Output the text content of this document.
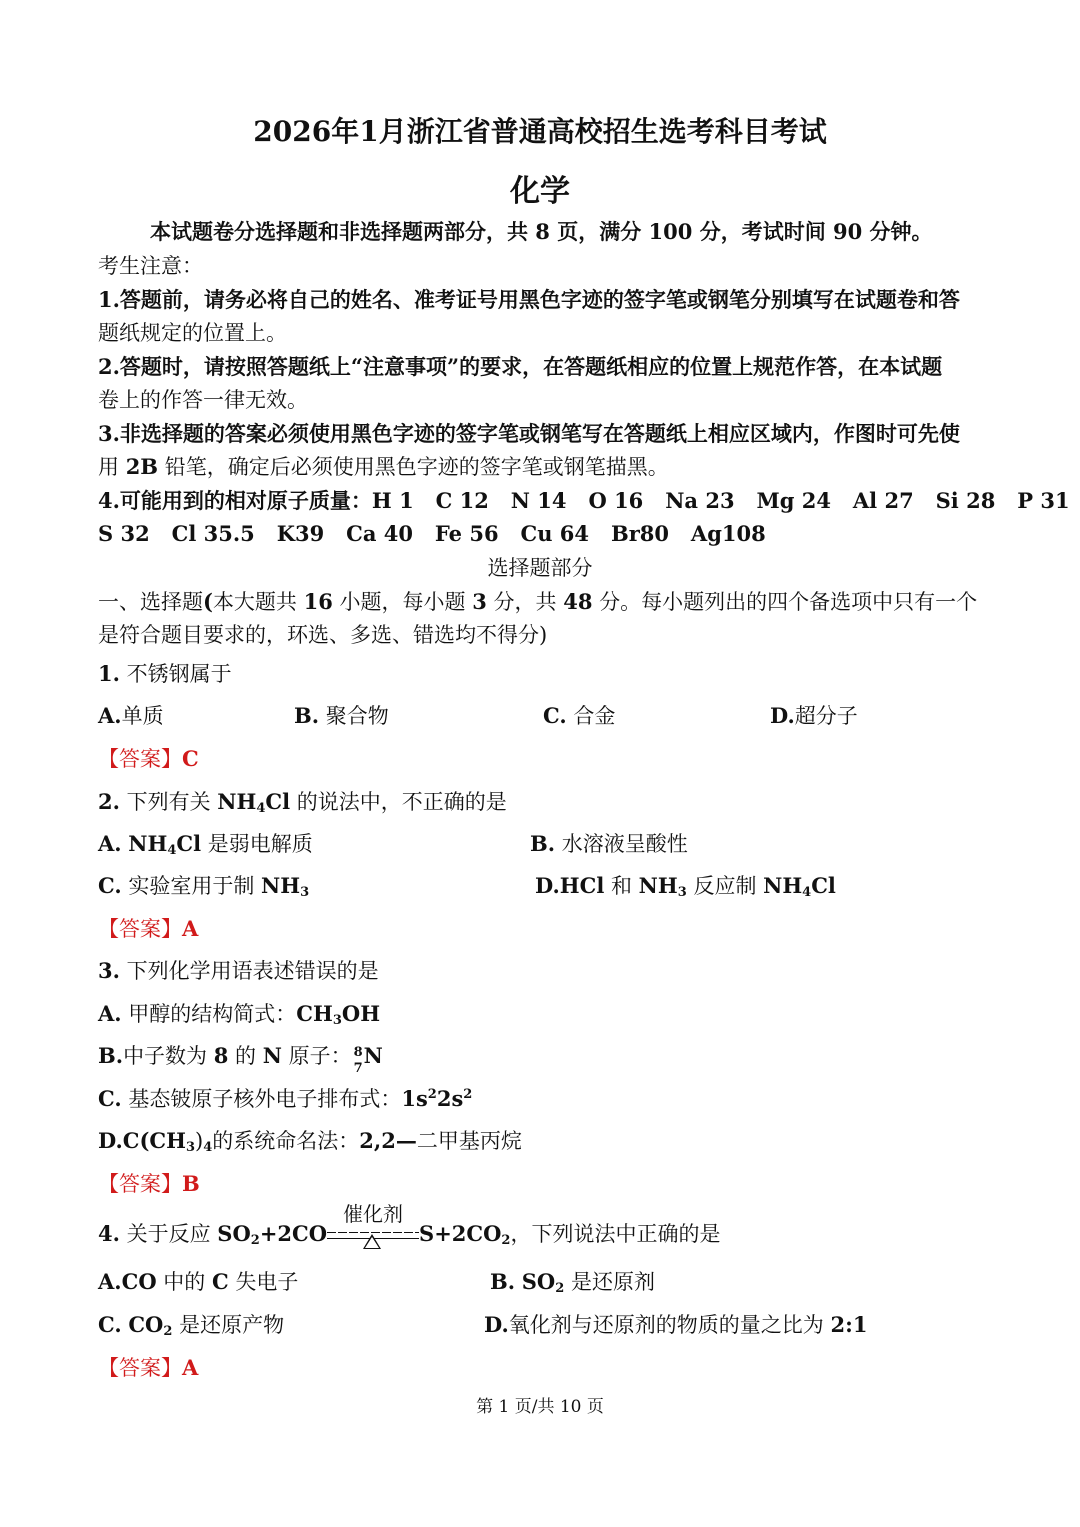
2026年1月浙江省普通高校招生选考科目考试
化学
本试题卷分选择题和非选择题两部分，共 8 页，满分 100 分，考试时间 90 分钟。
考生注意：
1.答题前，请务必将自己的姓名、准考证号用黑色字迹的签字笔或钢笔分别填写在试题卷和答
题纸规定的位置上。
2.答题时，请按照答题纸上“注意事项”的要求，在答题纸相应的位置上规范作答，在本试题
卷上的作答一律无效。
3.非选择题的答案必须使用黑色字迹的签字笔或钢笔写在答题纸上相应区域内，作图时可先使
用 2B 铅笔，确定后必须使用黑色字迹的签字笔或钢笔描黑。
4.可能用到的相对原子质量：H 1   C 12   N 14   O 16   Na 23   Mg 24   Al 27   Si 28   P 31
S 32   Cl 35.5   K39   Ca 40   Fe 56   Cu 64   Br80   Ag108
选择题部分
一、选择题(本大题共 16 小题，每小题 3 分，共 48 分。每小题列出的四个备选项中只有一个
是符合题目要求的，环选、多选、错选均不得分)
1. 不锈钢属于
A.单质	B. 聚合物	C. 合金	D.超分子
【答案】C
2. 下列有关 $NH_4Cl$ 的说法中，不正确的是
A. $NH_4Cl$ 是弱电解质	B. 水溶液呈酸性
C. 实验室用于制 $NH_3$	D.HCl 和 $NH_3$ 反应制 $NH_4Cl$
【答案】A
3. 下列化学用语表述错误的是
A. 甲醇的结构简式：$CH_3OH$
B.中子数为 8 的 N 原子： 8
7
N
C. 基态铍原子核外电子排布式：$1s^22s^2$
$D.C(CH_3)_4$的系统命名法：2,2—二甲基丙烷
【答案】B
4. 关于反应 $SO_2+2CO$
催化剂
$S+2CO_2$，下列说法中正确的是
A.CO 中的 C 失电子	B. $SO_2$ 是还原剂
C. $CO_2$ 是还原产物	D.氧化剂与还原剂的物质的量之比为 2:1
【答案】A
第 1 页/共 10 页
